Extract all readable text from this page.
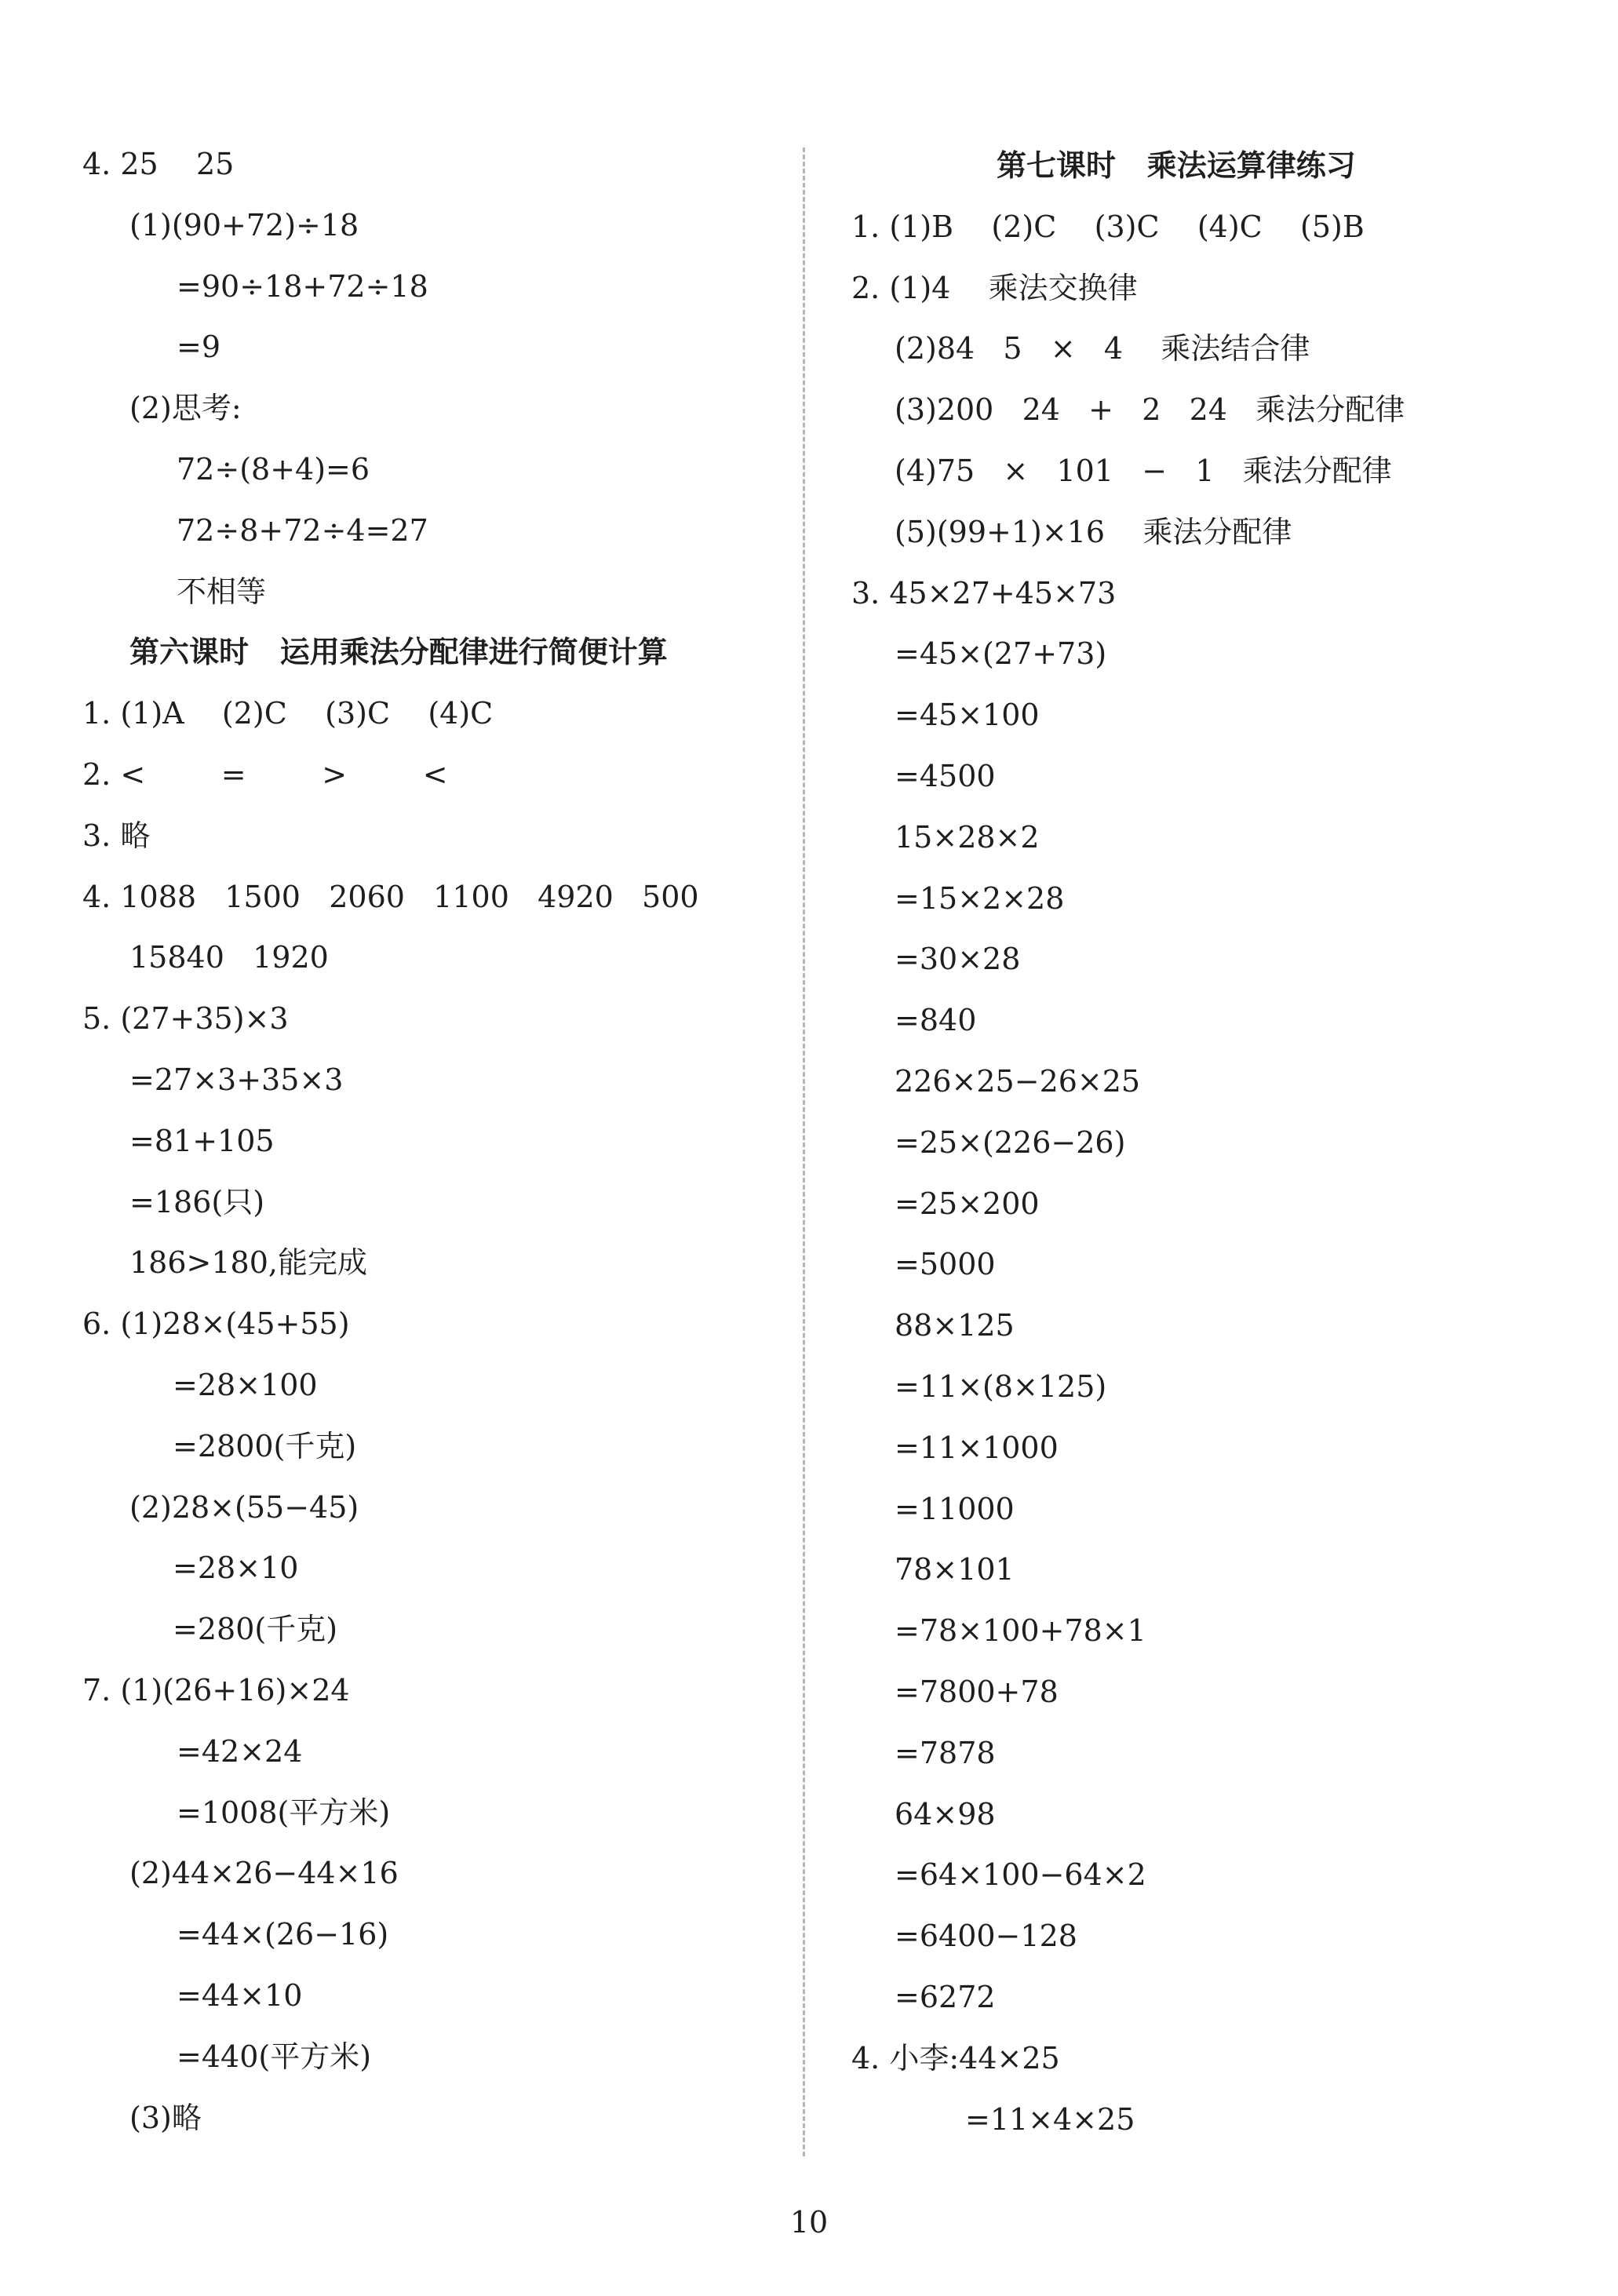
4. 25    25
(1)(90+72)÷18
=90÷18+72÷18
=9
(2)思考:
72÷(8+4)=6
72÷8+72÷4=27
不相等
第六课时   运用乘法分配律进行简便计算
1. (1)A    (2)C    (3)C    (4)C
2. <        =        >        <
3. 略
4. 1088   1500   2060   1100   4920   500
15840   1920
5. (27+35)×3
=27×3+35×3
=81+105
=186(只)
186>180,能完成
6. (1)28×(45+55)
=28×100
=2800(千克)
(2)28×(55−45)
=28×10
=280(千克)
7. (1)(26+16)×24
=42×24
=1008(平方米)
(2)44×26−44×16
=44×(26−16)
=44×10
=440(平方米)
(3)略
第七课时   乘法运算律练习
1. (1)B    (2)C    (3)C    (4)C    (5)B
2. (1)4    乘法交换律
(2)84   5   ×   4    乘法结合律
(3)200   24   +   2   24   乘法分配律
(4)75   ×   101   −   1   乘法分配律
(5)(99+1)×16    乘法分配律
3. 45×27+45×73
=45×(27+73)
=45×100
=4500
15×28×2
=15×2×28
=30×28
=840
226×25−26×25
=25×(226−26)
=25×200
=5000
88×125
=11×(8×125)
=11×1000
=11000
78×101
=78×100+78×1
=7800+78
=7878
64×98
=64×100−64×2
=6400−128
=6272
4. 小李:44×25
=11×4×25
10
